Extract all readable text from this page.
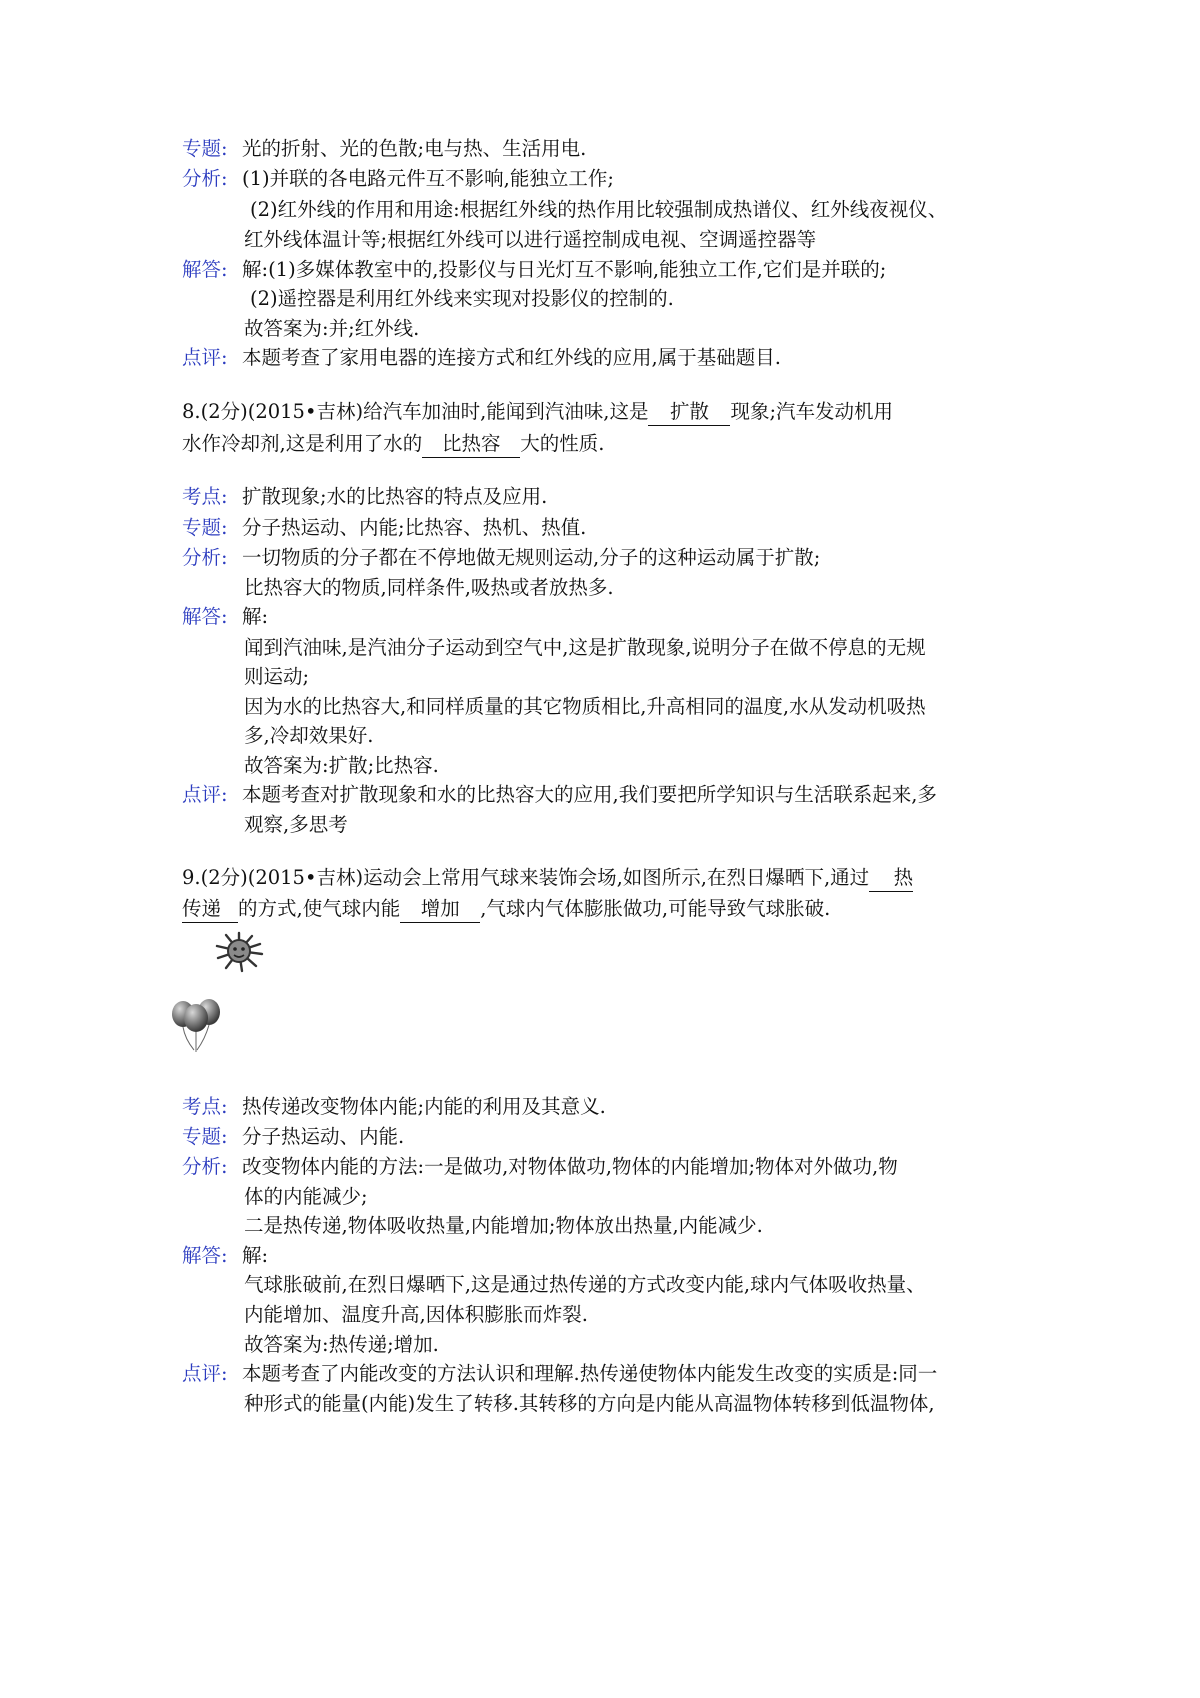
专题: 光的折射、光的色散;电与热、生活用电.
分析: (1)并联的各电路元件互不影响,能独立工作;
(2)红外线的作用和用途:根据红外线的热作用比较强制成热谱仪、红外线夜视仪、
红外线体温计等;根据红外线可以进行遥控制成电视、空调遥控器等
解答: 解:(1)多媒体教室中的,投影仪与日光灯互不影响,能独立工作,它们是并联的;
(2)遥控器是利用红外线来实现对投影仪的控制的.
故答案为:并;红外线.
点评: 本题考查了家用电器的连接方式和红外线的应用,属于基础题目.
8.(2分)(2015•吉林)给汽车加油时,能闻到汽油味,这是 扩散 现象;汽车发动机用
水作冷却剂,这是利用了水的 比热容 大的性质.
考点: 扩散现象;水的比热容的特点及应用.
专题: 分子热运动、内能;比热容、热机、热值.
分析: 一切物质的分子都在不停地做无规则运动,分子的这种运动属于扩散;
比热容大的物质,同样条件,吸热或者放热多.
解答: 解:
闻到汽油味,是汽油分子运动到空气中,这是扩散现象,说明分子在做不停息的无规
则运动;
因为水的比热容大,和同样质量的其它物质相比,升高相同的温度,水从发动机吸热
多,冷却效果好.
故答案为:扩散;比热容.
点评: 本题考查对扩散现象和水的比热容大的应用,我们要把所学知识与生活联系起来,多
观察,多思考
9.(2分)(2015•吉林)运动会上常用气球来装饰会场,如图所示,在烈日爆晒下,通过 热
传递 的方式,使气球内能 增加 ,气球内气体膨胀做功,可能导致气球胀破.
考点: 热传递改变物体内能;内能的利用及其意义.
专题: 分子热运动、内能.
分析: 改变物体内能的方法:一是做功,对物体做功,物体的内能增加;物体对外做功,物
体的内能减少;
二是热传递,物体吸收热量,内能增加;物体放出热量,内能减少.
解答: 解:
气球胀破前,在烈日爆晒下,这是通过热传递的方式改变内能,球内气体吸收热量、
内能增加、温度升高,因体积膨胀而炸裂.
故答案为:热传递;增加.
点评: 本题考查了内能改变的方法认识和理解.热传递使物体内能发生改变的实质是:同一
种形式的能量(内能)发生了转移.其转移的方向是内能从高温物体转移到低温物体,
